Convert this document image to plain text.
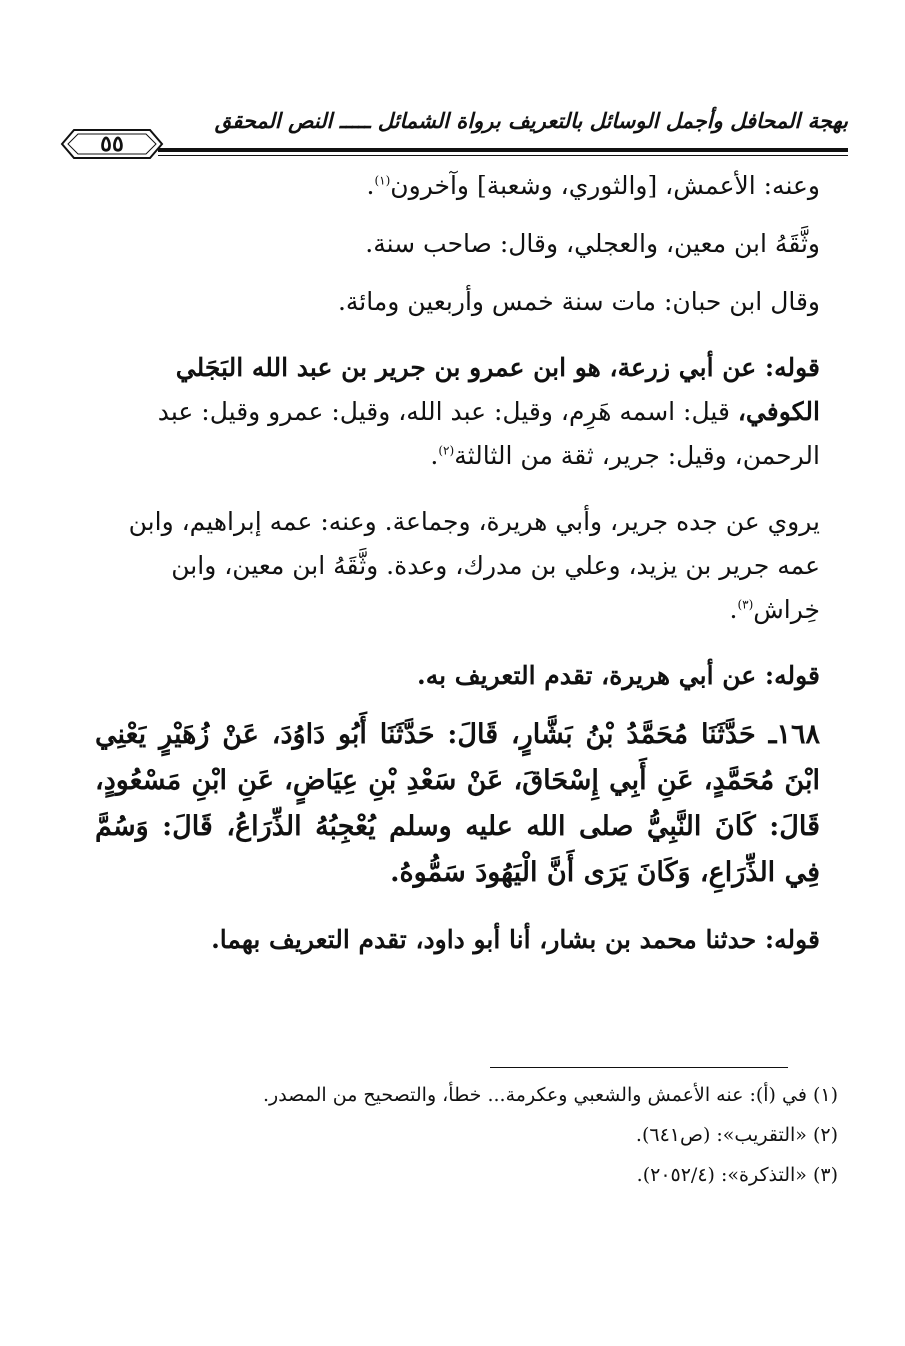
بهجة المحافل وأجمل الوسائل بالتعريف برواة الشمائل ـــــ النص المحقق
٥٥

وعنه: الأعمش، [والثوري، وشعبة] وآخرون$^{(١)}$.

وثَّقَهُ ابن معين، والعجلي، وقال: صاحب سنة.

وقال ابن حبان: مات سنة خمس وأربعين ومائة.

قوله: عن أبي زرعة، هو ابن عمرو بن جرير بن عبد الله البَجَلي الكوفي، قيل: اسمه هَرِم، وقيل: عبد الله، وقيل: عمرو وقيل: عبد الرحمن، وقيل: جرير، ثقة من الثالثة$^{(٢)}$.

يروي عن جده جرير، وأبي هريرة، وجماعة. وعنه: عمه إبراهيم، وابن عمه جرير بن يزيد، وعلي بن مدرك، وعدة. وثَّقَهُ ابن معين، وابن خِراش$^{(٣)}$.

قوله: عن أبي هريرة، تقدم التعريف به.

١٦٨ـ حَدَّثَنَا مُحَمَّدُ بْنُ بَشَّارٍ، قَالَ: حَدَّثَنَا أَبُو دَاوُدَ، عَنْ زُهَيْرٍ يَعْنِي ابْنَ مُحَمَّدٍ، عَنِ أَبِي إِسْحَاقَ، عَنْ سَعْدِ بْنِ عِيَاضٍ، عَنِ ابْنِ مَسْعُودٍ، قَالَ: كَانَ النَّبِيُّ صلى الله عليه وسلم يُعْجِبُهُ الذِّرَاعُ، قَالَ: وَسُمَّ فِي الذِّرَاعِ، وَكَانَ يَرَى أَنَّ الْيَهُودَ سَمُّوهُ.

قوله: حدثنا محمد بن بشار، أنا أبو داود، تقدم التعريف بهما.

(١) في (أ): عنه الأعمش والشعبي وعكرمة... خطأ، والتصحيح من المصدر.

(٢) «التقريب»: (ص٦٤١).

(٣) «التذكرة»: (٢٠٥٢/٤).
